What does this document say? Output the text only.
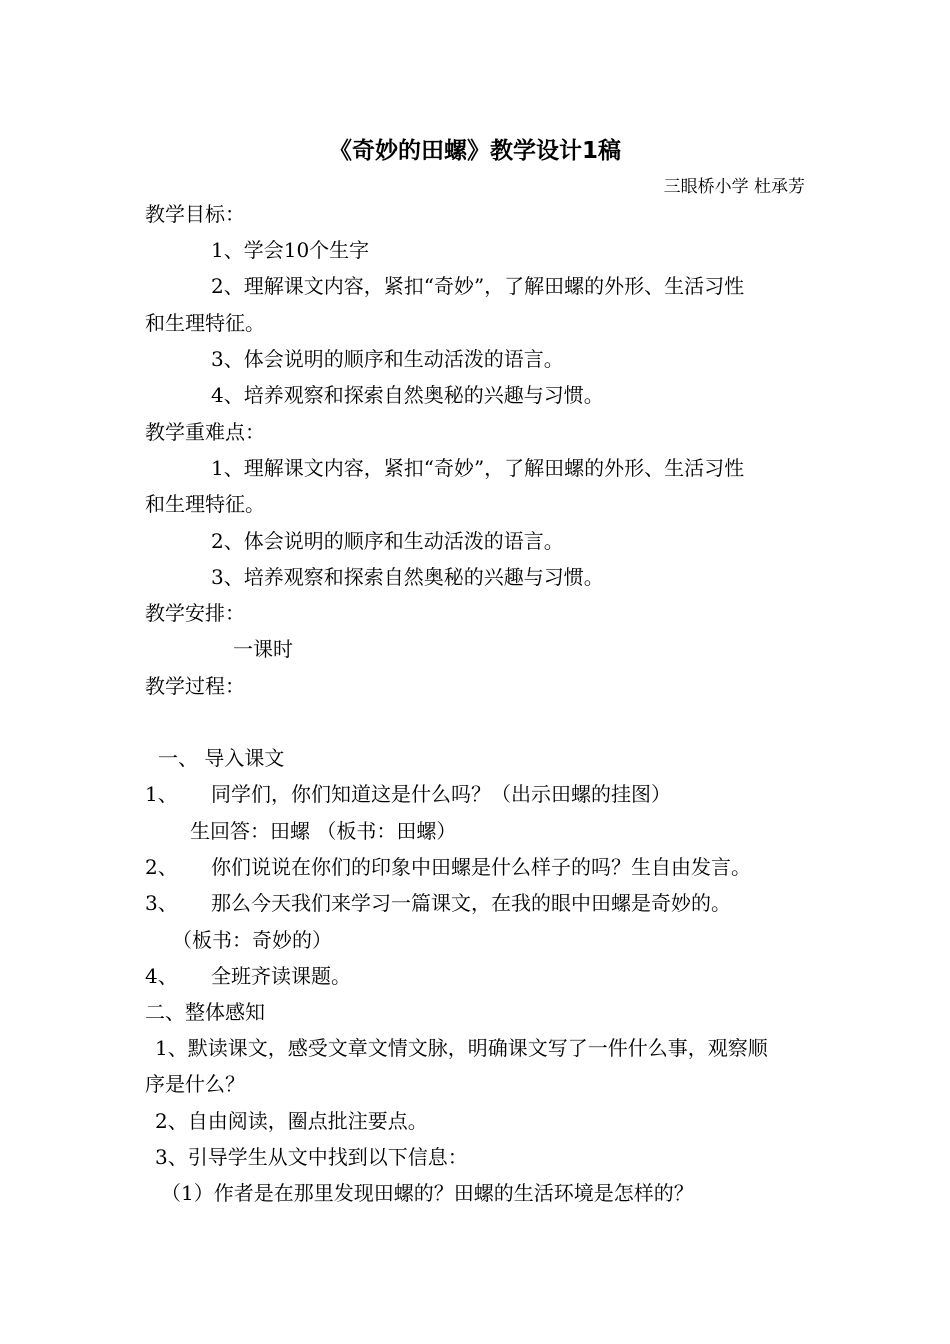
《奇妙的田螺》教学设计1稿
三眼桥小学 杜承芳
教学目标：
1、学会10个生字
2、理解课文内容，紧扣“奇妙”，了解田螺的外形、生活习性
和生理特征。
3、体会说明的顺序和生动活泼的语言。
4、培养观察和探索自然奥秘的兴趣与习惯。
教学重难点：
1、理解课文内容，紧扣“奇妙”，了解田螺的外形、生活习性
和生理特征。
2、体会说明的顺序和生动活泼的语言。
3、培养观察和探索自然奥秘的兴趣与习惯。
教学安排：
一课时
教学过程：
一、 导入课文
1、 同学们，你们知道这是什么吗？（出示田螺的挂图）
生回答：田螺 （板书：田螺）
2、 你们说说在你们的印象中田螺是什么样子的吗？生自由发言。
3、 那么今天我们来学习一篇课文，在我的眼中田螺是奇妙的。
（板书：奇妙的）
4、 全班齐读课题。
二、整体感知
1、默读课文，感受文章文情文脉，明确课文写了一件什么事，观察顺
序是什么？
2、自由阅读，圈点批注要点。
3、引导学生从文中找到以下信息：
（1）作者是在那里发现田螺的？田螺的生活环境是怎样的？
